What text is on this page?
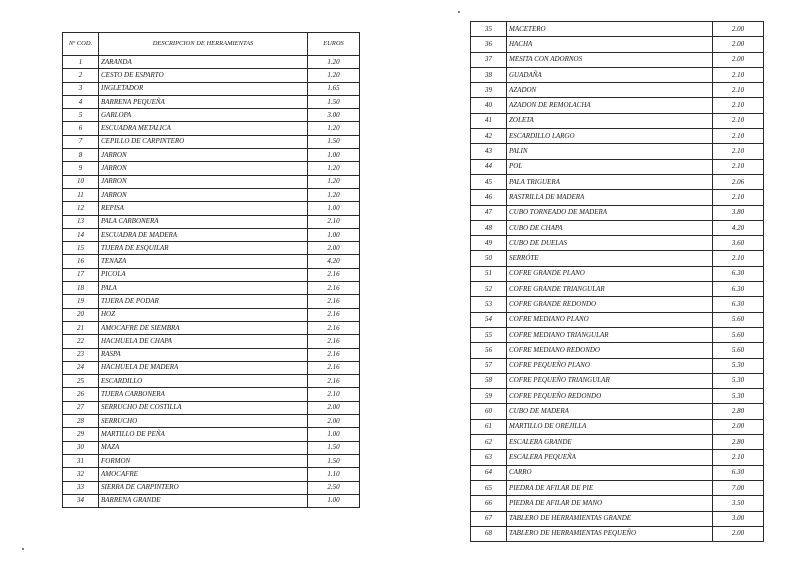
Nº COD.	DESCRIPCION DE HERRAMIENTAS	EUROS
1	ZARANDA	1.20
2	CESTO DE ESPARTO	1.20
3	INGLETADOR	1.65
4	BARRENA PEQUEÑA	1.50
5	GARLOPA	3.00
6	ESCUADRA METALICA	1.20
7	CEPILLO DE CARPINTERO	1.50
8	JARRON	1.00
9	JARRON	1.20
10	JARRON	1.20
11	JARRON	1.20
12	REPISA	1.00
13	PALA CARBONERA	2.10
14	ESCUADRA DE MADERA	1.00
15	TIJERA DE ESQUILAR	2.00
16	TENAZA	4.20
17	PICOLA	2.16
18	PALA	2.16
19	TIJERA DE PODAR	2.16
20	HOZ	2.16
21	AMOCAFRE DE SIEMBRA	2.16
22	HACHUELA DE CHAPA	2.16
23	RASPA	2.16
24	HACHUELA DE MADERA	2.16
25	ESCARDILLO	2.16
26	TIJERA CARBONERA	2.10
27	SERRUCHO DE COSTILLA	2.00
28	SERRUCHO	2.00
29	MARTILLO DE PEÑA	1.00
30	MAZA	1.50
31	FORMON	1.50
32	AMOCAFRE	1.10
33	SIERRA DE CARPINTERO	2.50
34	BARRENA GRANDE	1.00
35	MACETERO	2.00
36	HACHA	2.00
37	MESITA CON ADORNOS	2.00
38	GUADAÑA	2.10
39	AZADON	2.10
40	AZADON DE REMOLACHA	2.10
41	ZOLETA	2.10
42	ESCARDILLO LARGO	2.10
43	PALIN	2.10
44	POL	2.10
45	PALA TRIGUERA	2.06
46	RASTRILLA DE MADERA	2.10
47	CUBO TORNEADO DE MADERA	3.80
48	CUBO DE CHAPA	4.20
49	CUBO DE DUELAS	3.60
50	SERRÓTE	2.10
51	COFRE GRANDE PLANO	6.30
52	COFRE GRANDE TRIANGULAR	6.30
53	COFRE GRANDE REDONDO	6.30
54	COFRE MEDIANO PLANO	5.60
55	COFRE MEDIANO TRIANGULAR	5.60
56	COFRE MEDIANO REDONDO	5.60
57	COFRE PEQUEÑO PLANO	5.30
58	COFRE PEQUEÑO TRIANGULAR	5.30
59	COFRE PEQUEÑO REDONDO	5.30
60	CUBO DE MADERA	2.80
61	MARTILLO DE OREJILLA	2.00
62	ESCALERA GRANDE	2.80
63	ESCALERA PEQUEÑA	2.10
64	CARRO	6.30
65	PIEDRA DE AFILAR DE PIE	7.00
66	PIEDRA DE AFILAR DE MANO	3.50
67	TABLERO DE HERRAMIENTAS GRANDE	3.00
68	TABLERO DE HERRAMIENTAS PEQUEÑO	2.00
